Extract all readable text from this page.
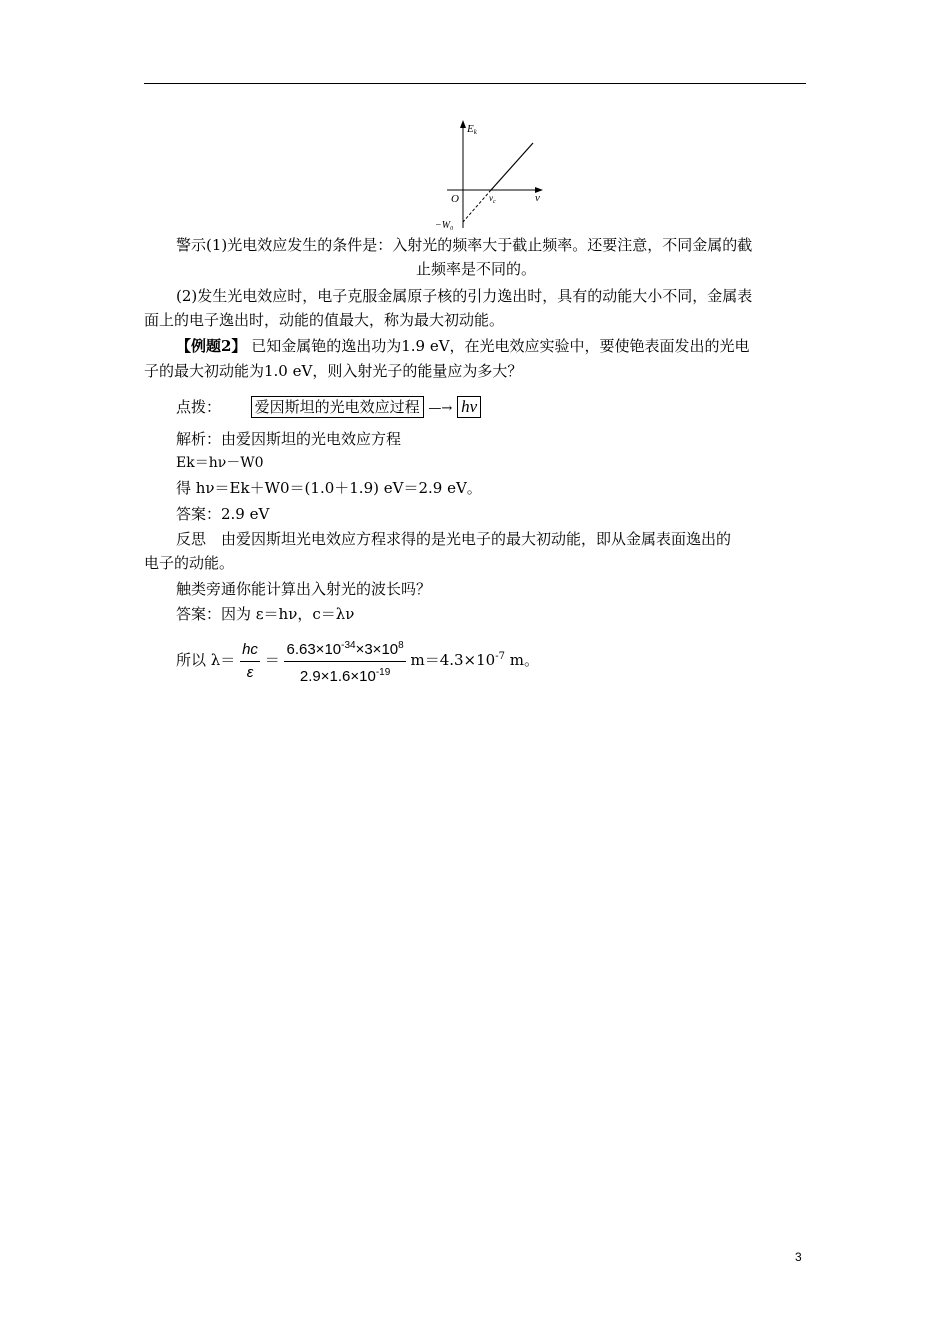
Ek
ν
O	$\nu_c$
$-W_0$
警示(1)光电效应发生的条件是：入射光的频率大于截止频率。还要注意，不同金属的截
止频率是不同的。
(2)发生光电效应时，电子克服金属原子核的引力逸出时，具有的动能大小不同，金属表
面上的电子逸出时，动能的值最大，称为最大初动能。
【例题2】 已知金属铯的逸出功为1.9 eV，在光电效应实验中，要使铯表面发出的光电
子的最大初动能为1.0 eV，则入射光子的能量应为多大？
点拨： 爱因斯坦的光电效应过程 —→ hν
解析：由爱因斯坦的光电效应方程
Ek＝hν－W0
得 hν＝Ek＋W0＝(1.0＋1.9) eV＝2.9 eV。
答案：2.9 eV
反思　由爱因斯坦光电效应方程求得的是光电子的最大初动能，即从金属表面逸出的
电子的动能。
触类旁通你能计算出入射光的波长吗？
答案：因为 ε＝hν，c＝λν
所以 $\lambda= \frac{hc}{\varepsilon} = \frac{6.63\times 10^{-34}\times 3\times 10^8}{2.9\times 1.6\times 10^{-19}} m=4.3\times 10^{-7}$ m。
3
